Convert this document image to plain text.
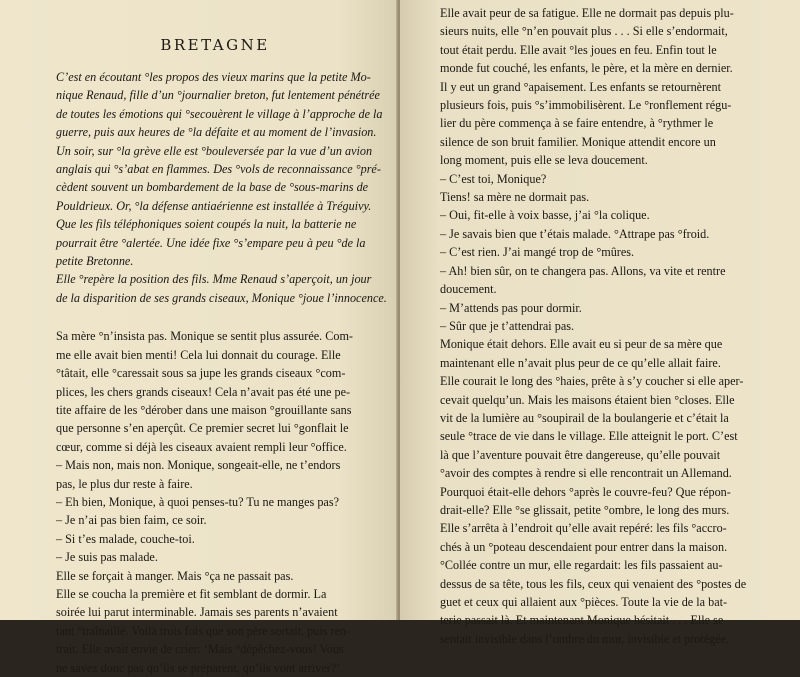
BRETAGNE
C’est en écoutant °les propos des vieux marins que la petite Mo-
nique Renaud, fille d’un °journalier breton, fut lentement pénétrée
de toutes les émotions qui °secouèrent le village à l’approche de la
guerre, puis aux heures de °la défaite et au moment de l’invasion.
Un soir, sur °la grève elle est °bouleversée par la vue d’un avion
anglais qui °s’abat en flammes. Des °vols de reconnaissance °pré-
cèdent souvent un bombardement de la base de °sous-marins de
Pouldrieux. Or, °la défense antiaérienne est installée à Tréguivy.
Que les fils téléphoniques soient coupés la nuit, la batterie ne
pourrait être °alertée. Une idée fixe °s’empare peu à peu °de la
petite Bretonne.
Elle °repère la position des fils. Mme Renaud s’aperçoit, un jour
de la disparition de ses grands ciseaux, Monique °joue l’innocence.
Sa mère °n’insista pas. Monique se sentit plus assurée. Com-
me elle avait bien menti! Cela lui donnait du courage. Elle
°tâtait, elle °caressait sous sa jupe les grands ciseaux °com-
plices, les chers grands ciseaux! Cela n’avait pas été une pe-
tite affaire de les °dérober dans une maison °grouillante sans
que personne s’en aperçût. Ce premier secret lui °gonflait le
cœur, comme si déjà les ciseaux avaient rempli leur °office.
– Mais non, mais non. Monique, songeait-elle, ne t’endors
pas, le plus dur reste à faire.
– Eh bien, Monique, à quoi penses-tu? Tu ne manges pas?
– Je n’ai pas bien faim, ce soir.
– Si t’es malade, couche-toi.
– Je suis pas malade.
Elle se forçait à manger. Mais °ça ne passait pas.
Elle se coucha la première et fit semblant de dormir. La
soirée lui parut interminable. Jamais ses parents n’avaient
tant °traînaillé. Voilà trois fois que son père sortait, puis ren-
trait. Elle avait envie de crier: ‘Mais °dépêchez-vous! Vous
ne savez donc pas qu’ils se préparent, qu’ils vont arriver?’
Elle avait peur de sa fatigue. Elle ne dormait pas depuis plu-
sieurs nuits, elle °n’en pouvait plus . . . Si elle s’endormait,
tout était perdu. Elle avait °les joues en feu. Enfin tout le
monde fut couché, les enfants, le père, et la mère en dernier.
Il y eut un grand °apaisement. Les enfants se retournèrent
plusieurs fois, puis °s’immobilisèrent. Le °ronflement régu-
lier du père commença à se faire entendre, à °rythmer le
silence de son bruit familier. Monique attendit encore un
long moment, puis elle se leva doucement.
– C’est toi, Monique?
Tiens! sa mère ne dormait pas.
– Oui, fit-elle à voix basse, j’ai °la colique.
– Je savais bien que t’étais malade. °Attrape pas °froid.
– C’est rien. J’ai mangé trop de °mûres.
– Ah! bien sûr, on te changera pas. Allons, va vite et rentre
doucement.
– M’attends pas pour dormir.
– Sûr que je t’attendrai pas.
Monique était dehors. Elle avait eu si peur de sa mère que
maintenant elle n’avait plus peur de ce qu’elle allait faire.
Elle courait le long des °haies, prête à s’y coucher si elle aper-
cevait quelqu’un. Mais les maisons étaient bien °closes. Elle
vit de la lumière au °soupirail de la boulangerie et c’était la
seule °trace de vie dans le village. Elle atteignit le port. C’est
là que l’aventure pouvait être dangereuse, qu’elle pouvait
°avoir des comptes à rendre si elle rencontrait un Allemand.
Pourquoi était-elle dehors °après le couvre-feu? Que répon-
drait-elle? Elle °se glissait, petite °ombre, le long des murs.
Elle s’arrêta à l’endroit qu’elle avait repéré: les fils °accro-
chés à un °poteau descendaient pour entrer dans la maison.
°Collée contre un mur, elle regardait: les fils passaient au-
dessus de sa tête, tous les fils, ceux qui venaient des °postes de
guet et ceux qui allaient aux °pièces. Toute la vie de la bat-
terie passait là. Et maintenant Monique hésitait . . . Elle se
sentait invisible dans l’ombre du mur, invisible et protégée.
